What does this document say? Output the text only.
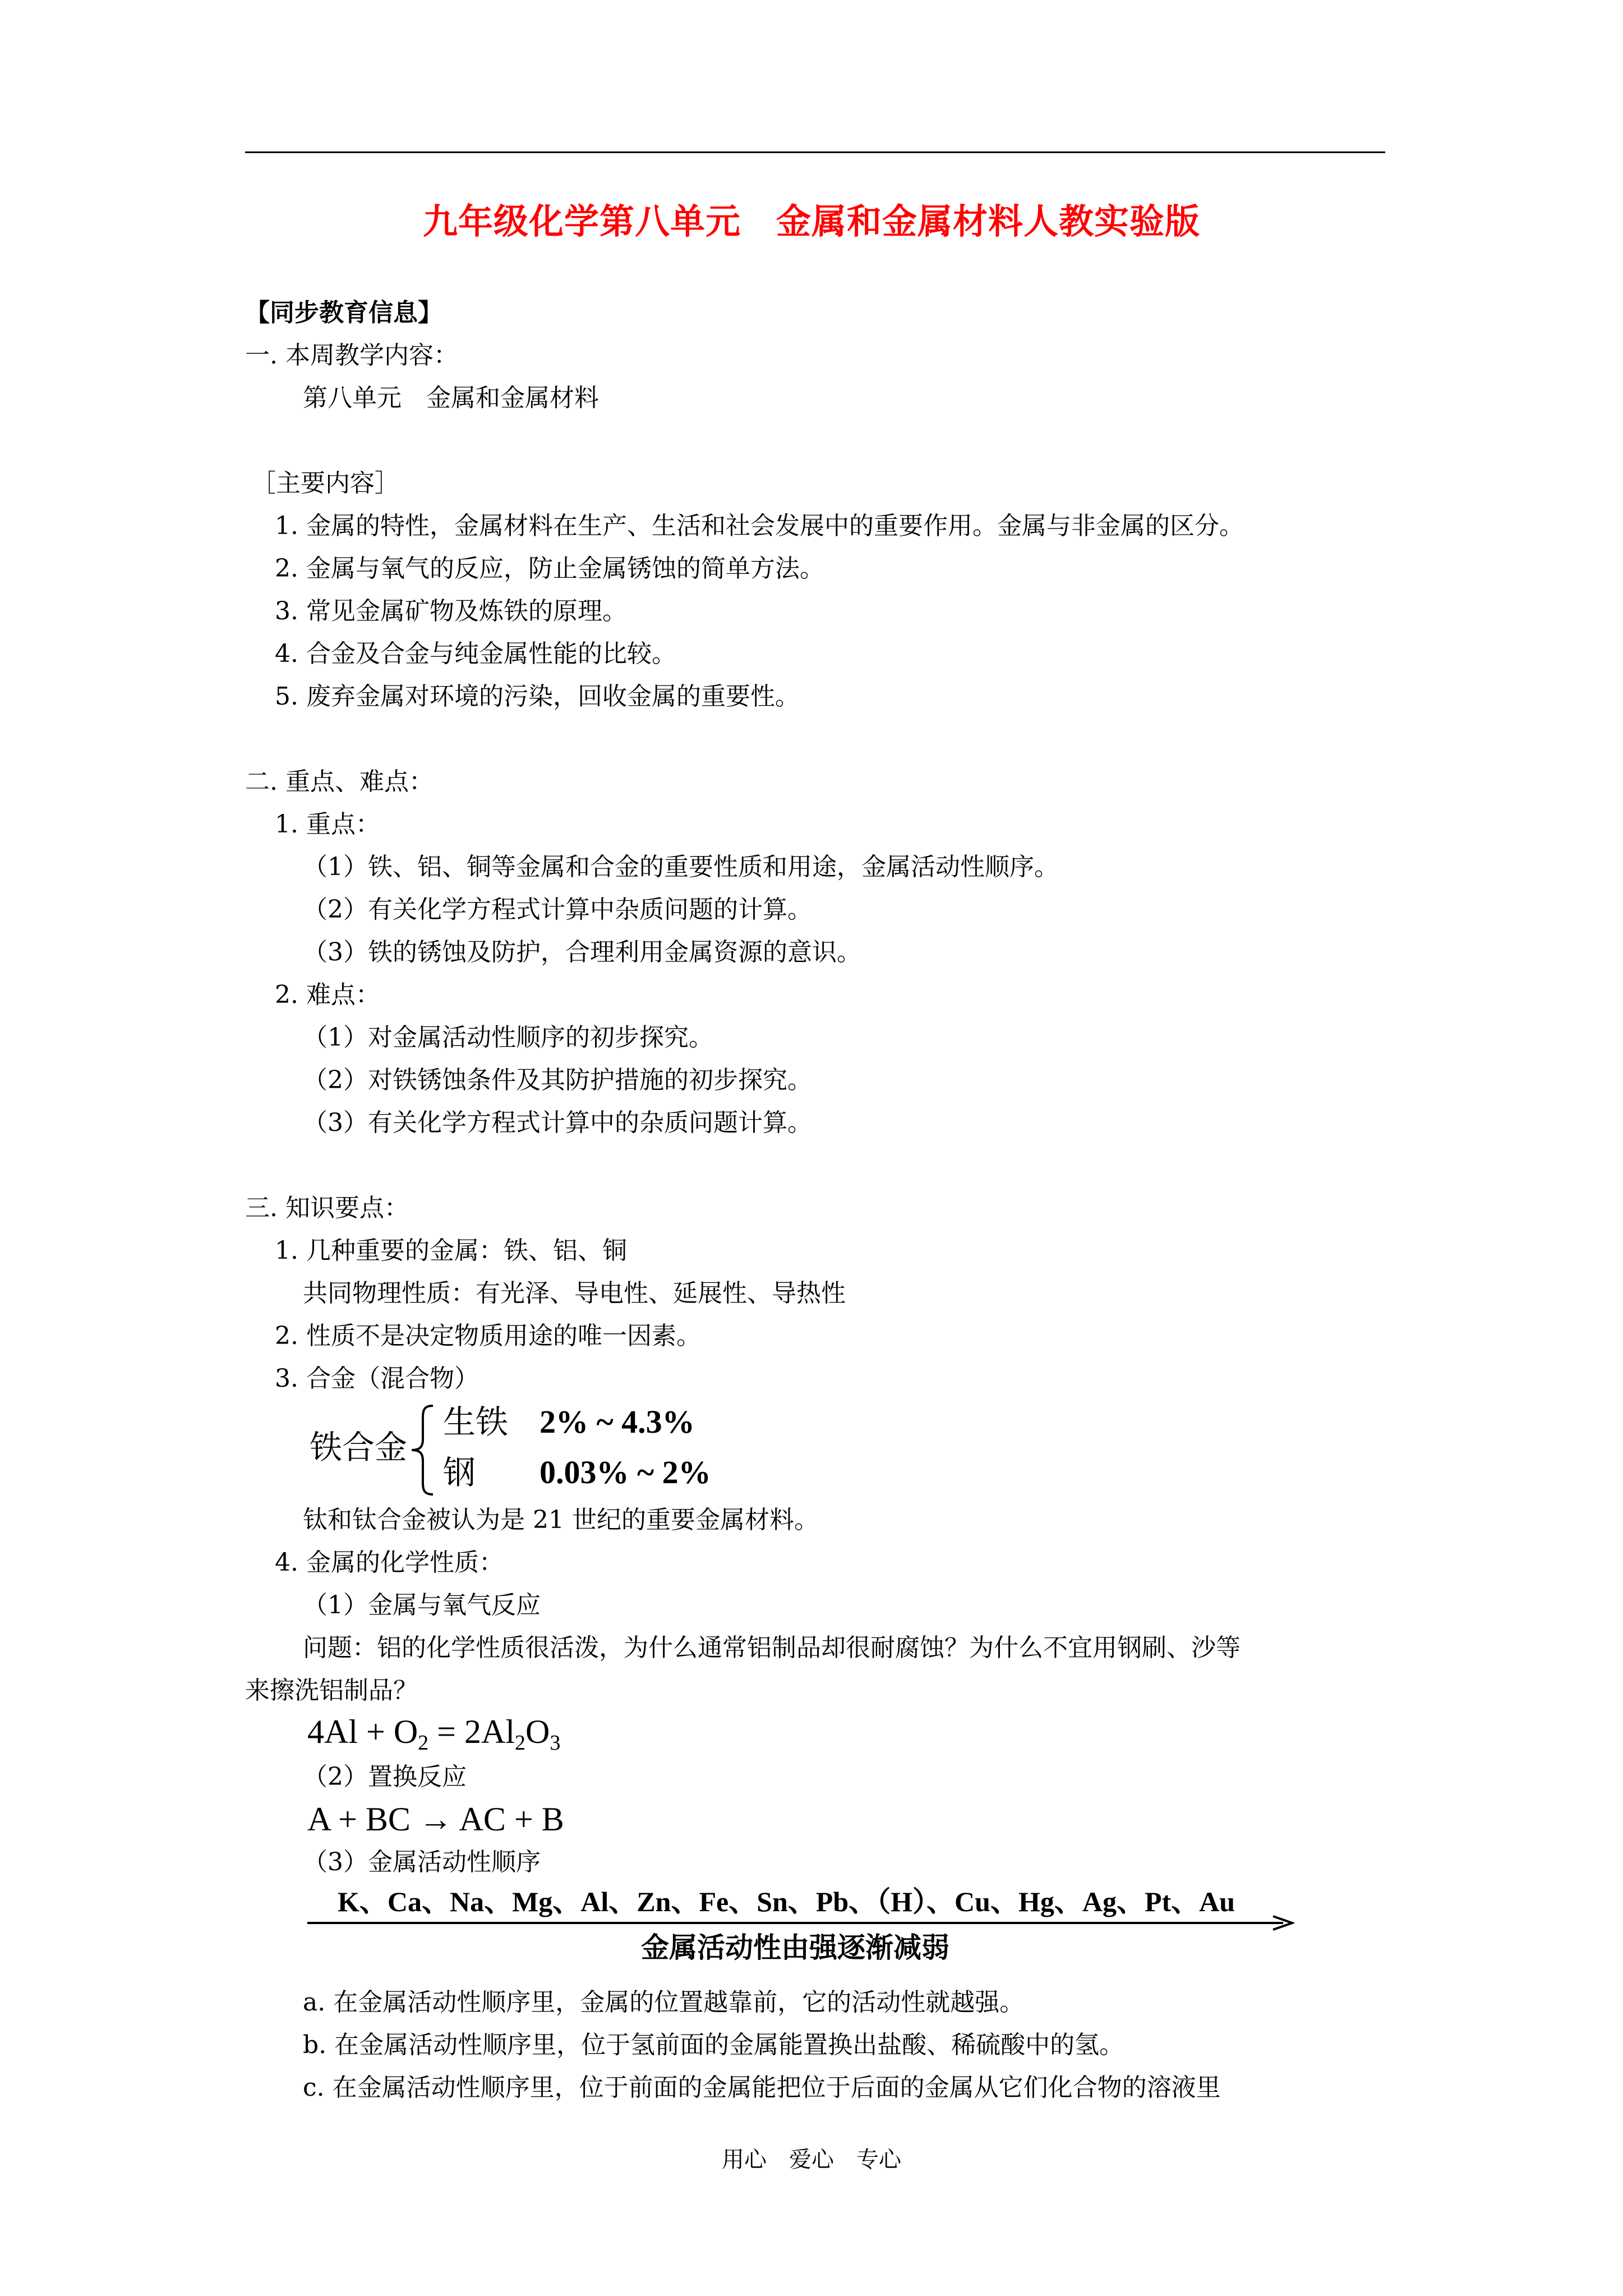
九年级化学第八单元　金属和金属材料人教实验版
【同步教育信息】
一. 本周教学内容：
第八单元　金属和金属材料
［主要内容］
1. 金属的特性，金属材料在生产、生活和社会发展中的重要作用。金属与非金属的区分。
2. 金属与氧气的反应，防止金属锈蚀的简单方法。
3. 常见金属矿物及炼铁的原理。
4. 合金及合金与纯金属性能的比较。
5. 废弃金属对环境的污染，回收金属的重要性。
二. 重点、难点：
1. 重点：
（1）铁、铝、铜等金属和合金的重要性质和用途，金属活动性顺序。
（2）有关化学方程式计算中杂质问题的计算。
（3）铁的锈蚀及防护，合理利用金属资源的意识。
2. 难点：
（1）对金属活动性顺序的初步探究。
（2）对铁锈蚀条件及其防护措施的初步探究。
（3）有关化学方程式计算中的杂质问题计算。
三. 知识要点：
1. 几种重要的金属：铁、铝、铜
共同物理性质：有光泽、导电性、延展性、导热性
2. 性质不是决定物质用途的唯一因素。
3. 合金（混合物）
铁合金
生铁 2% ~ 4.3%
钢 0.03% ~ 2%
钛和钛合金被认为是 21 世纪的重要金属材料。
4. 金属的化学性质：
（1）金属与氧气反应
问题：铝的化学性质很活泼，为什么通常铝制品却很耐腐蚀？为什么不宜用钢刷、沙等
来擦洗铝制品？
$4Al + O_2 = 2Al_2O_3$
（2）置换反应
A + BC → AC + B
（3）金属活动性顺序
K、Ca、Na、Mg、Al、Zn、Fe、Sn、Pb、（H）、Cu、Hg、Ag、Pt、Au
金属活动性由强逐渐减弱
a. 在金属活动性顺序里，金属的位置越靠前，它的活动性就越强。
b. 在金属活动性顺序里，位于氢前面的金属能置换出盐酸、稀硫酸中的氢。
c. 在金属活动性顺序里，位于前面的金属能把位于后面的金属从它们化合物的溶液里
用心　爱心　专心
